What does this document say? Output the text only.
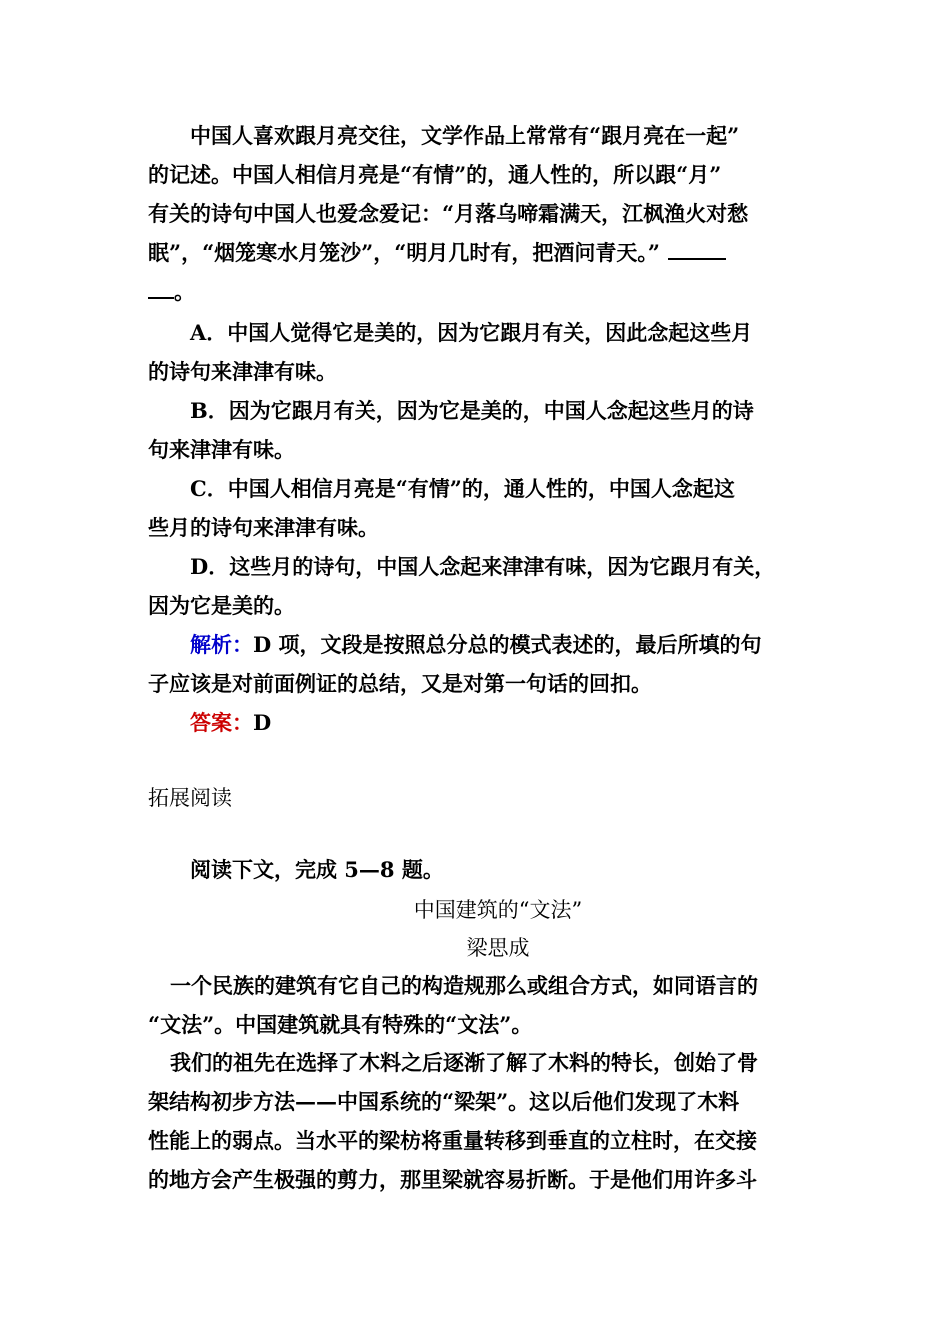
中国人喜欢跟月亮交往，文学作品上常常有“跟月亮在一起”
的记述。中国人相信月亮是“有情”的，通人性的，所以跟“月”
有关的诗句中国人也爱念爱记：“月落乌啼霜满天，江枫渔火对愁
眠”，“烟笼寒水月笼沙”，“明月几时有，把酒问青天。”
。
A．中国人觉得它是美的，因为它跟月有关，因此念起这些月
的诗句来津津有味。
B．因为它跟月有关，因为它是美的，中国人念起这些月的诗
句来津津有味。
C．中国人相信月亮是“有情”的，通人性的，中国人念起这
些月的诗句来津津有味。
D．这些月的诗句，中国人念起来津津有味，因为它跟月有关，
因为它是美的。
解析：D 项，文段是按照总分总的模式表述的，最后所填的句
子应该是对前面例证的总结，又是对第一句话的回扣。
答案：D
拓展阅读
阅读下文，完成 5—8 题。
中国建筑的“文法”
梁思成
一个民族的建筑有它自己的构造规那么或组合方式，如同语言的
“文法”。中国建筑就具有特殊的“文法”。
我们的祖先在选择了木料之后逐渐了解了木料的特长，创始了骨
架结构初步方法——中国系统的“梁架”。这以后他们发现了木料
性能上的弱点。当水平的梁枋将重量转移到垂直的立柱时，在交接
的地方会产生极强的剪力，那里梁就容易折断。于是他们用许多斗
